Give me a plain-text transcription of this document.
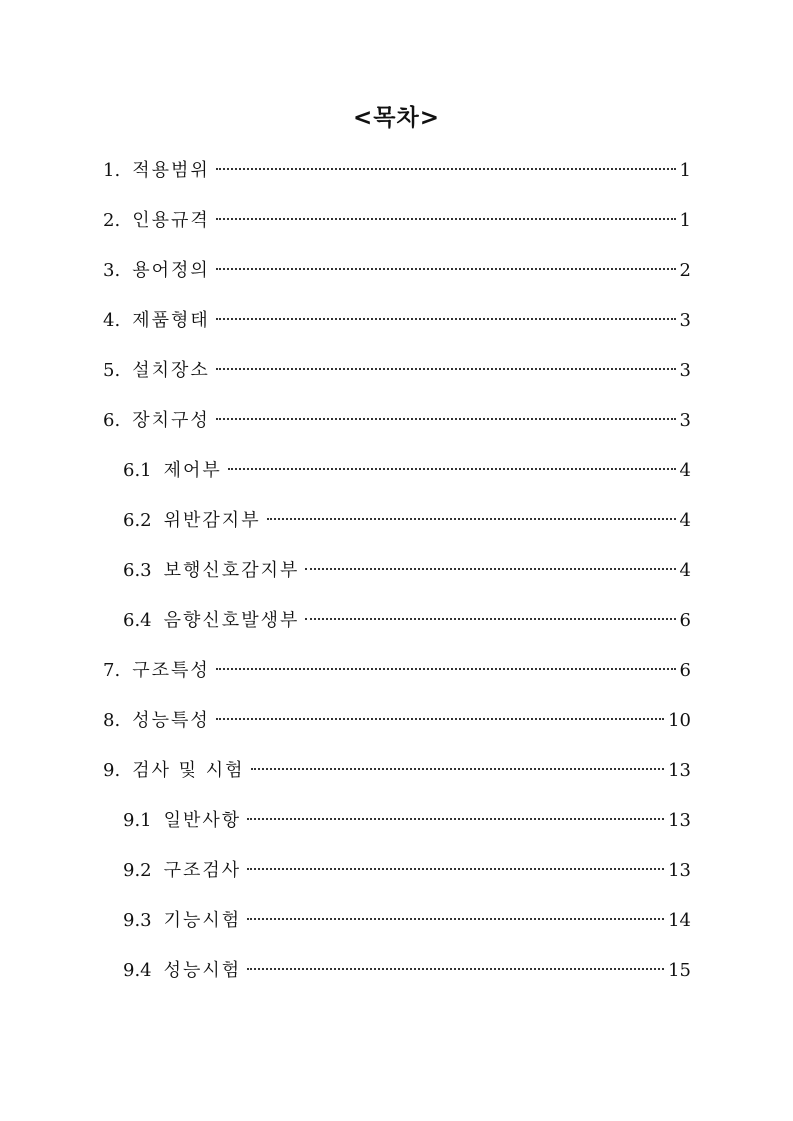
<목차>
1. 적용범위	1
2. 인용규격	1
3. 용어정의	2
4. 제품형태	3
5. 설치장소	3
6. 장치구성	3
6.1 제어부	4
6.2 위반감지부	4
6.3 보행신호감지부	4
6.4 음향신호발생부	6
7. 구조특성	6
8. 성능특성	10
9. 검사 및 시험	13
9.1 일반사항	13
9.2 구조검사	13
9.3 기능시험	14
9.4 성능시험	15
